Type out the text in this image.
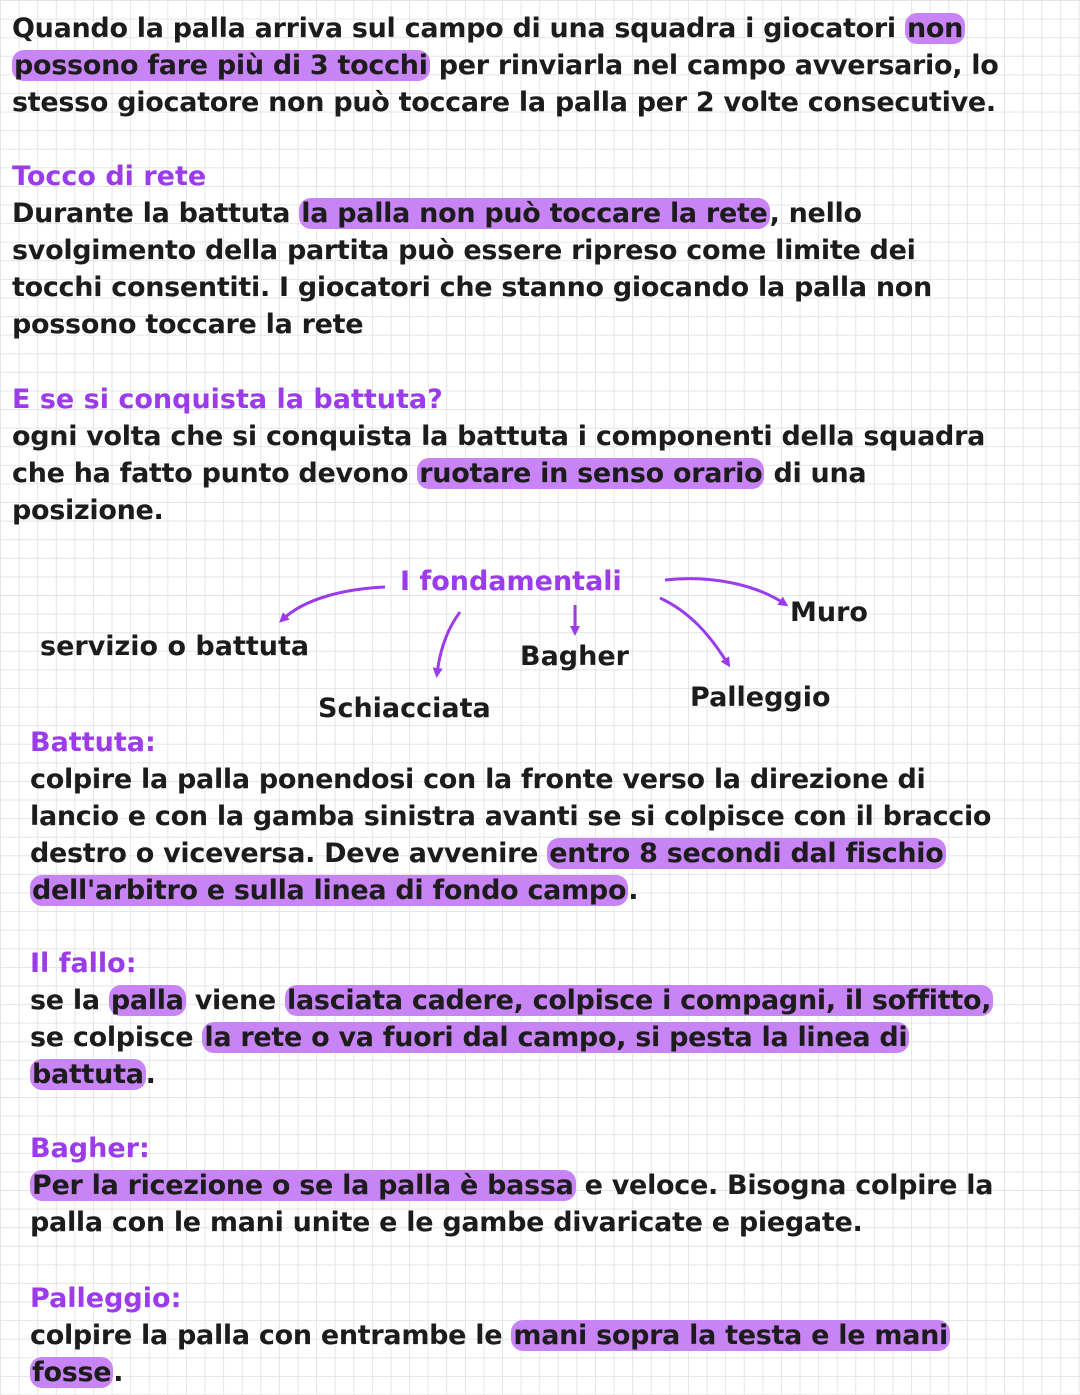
Quando la palla arriva sul campo di una squadra i giocatori non
possono fare più di 3 tocchi per rinviarla nel campo avversario, lo
stesso giocatore non può toccare la palla per 2 volte consecutive.
Tocco di rete
Durante la battuta la palla non può toccare la rete, nello
svolgimento della partita può essere ripreso come limite dei
tocchi consentiti. I giocatori che stanno giocando la palla non
possono toccare la rete
E se si conquista la battuta?
ogni volta che si conquista la battuta i componenti della squadra
che ha fatto punto devono ruotare in senso orario di una
posizione.
I fondamentali
servizio o battuta
Schiacciata
Bagher
Palleggio
Muro
Battuta:
colpire la palla ponendosi con la fronte verso la direzione di
lancio e con la gamba sinistra avanti se si colpisce con il braccio
destro o viceversa. Deve avvenire entro 8 secondi dal fischio
dell'arbitro e sulla linea di fondo campo.
Il fallo:
se la palla viene lasciata cadere, colpisce i compagni, il soffitto,
se colpisce la rete o va fuori dal campo, si pesta la linea di
battuta.
Bagher:
Per la ricezione o se la palla è bassa e veloce. Bisogna colpire la
palla con le mani unite e le gambe divaricate e piegate.
Palleggio:
colpire la palla con entrambe le mani sopra la testa e le mani
fosse.
